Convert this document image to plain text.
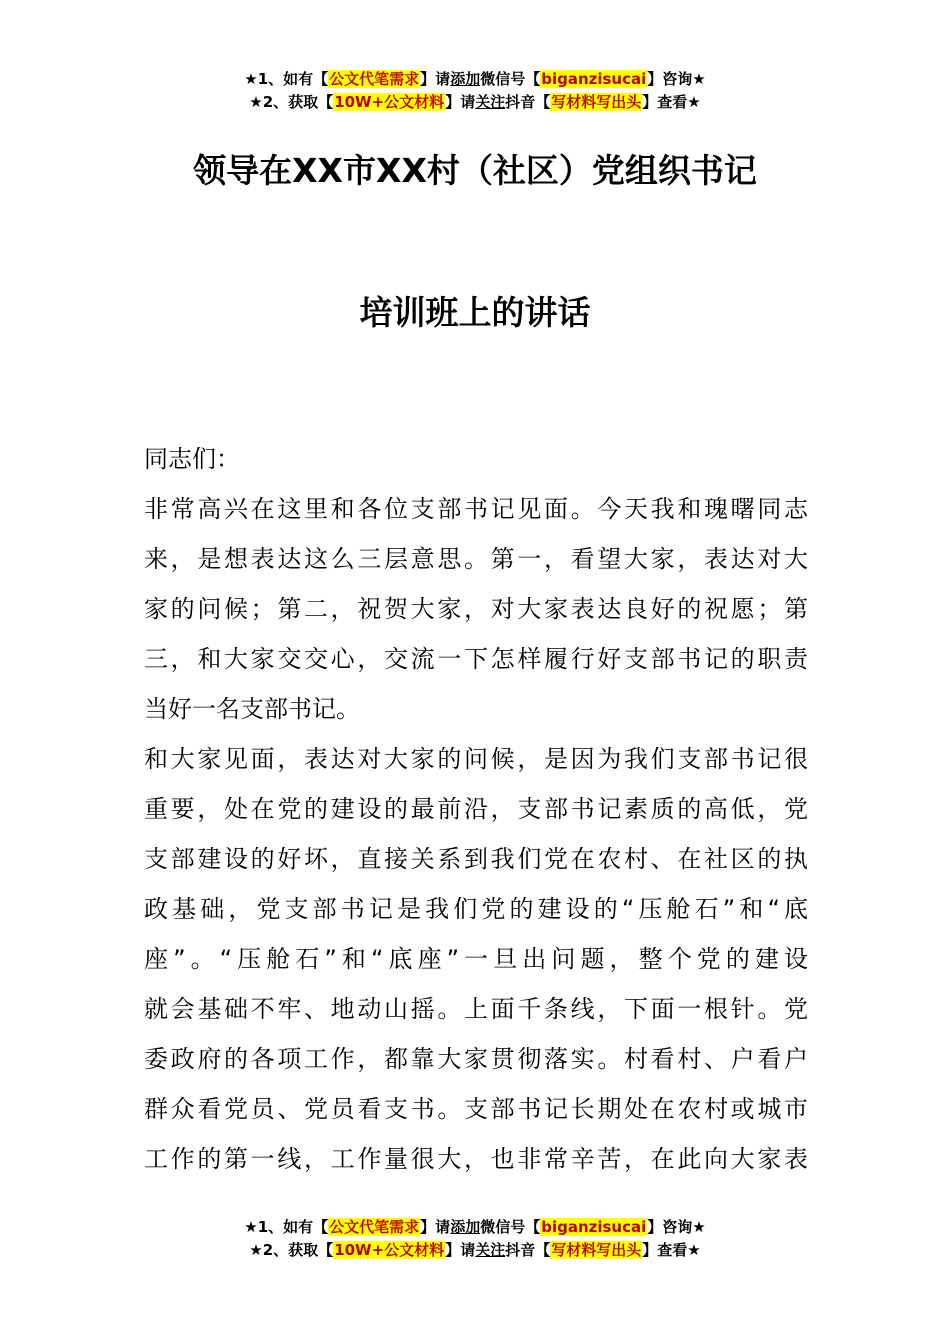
★1、如有【公文代笔需求】请添加微信号【biganzisucai】咨询★
★2、获取【10W+公文材料】请关注抖音【写材料写出头】查看★
领导在XX市XX村（社区）党组织书记
培训班上的讲话

同志们：

非常高兴在这里和各位支部书记见面。今天我和瑰曙同志
来，是想表达这么三层意思。第一，看望大家，表达对大
家的问候；第二，祝贺大家，对大家表达良好的祝愿；第
三，和大家交交心，交流一下怎样履行好支部书记的职责
当好一名支部书记。

和大家见面，表达对大家的问候，是因为我们支部书记很
重要，处在党的建设的最前沿，支部书记素质的高低，党
支部建设的好坏，直接关系到我们党在农村、在社区的执
政基础，党支部书记是我们党的建设的“压舱石”和“底
座”。“压舱石”和“底座”一旦出问题，整个党的建设
就会基础不牢、地动山摇。上面千条线，下面一根针。党
委政府的各项工作，都靠大家贯彻落实。村看村、户看户
群众看党员、党员看支书。支部书记长期处在农村或城市
工作的第一线，工作量很大，也非常辛苦，在此向大家表

★1、如有【公文代笔需求】请添加微信号【biganzisucai】咨询★
★2、获取【10W+公文材料】请关注抖音【写材料写出头】查看★
